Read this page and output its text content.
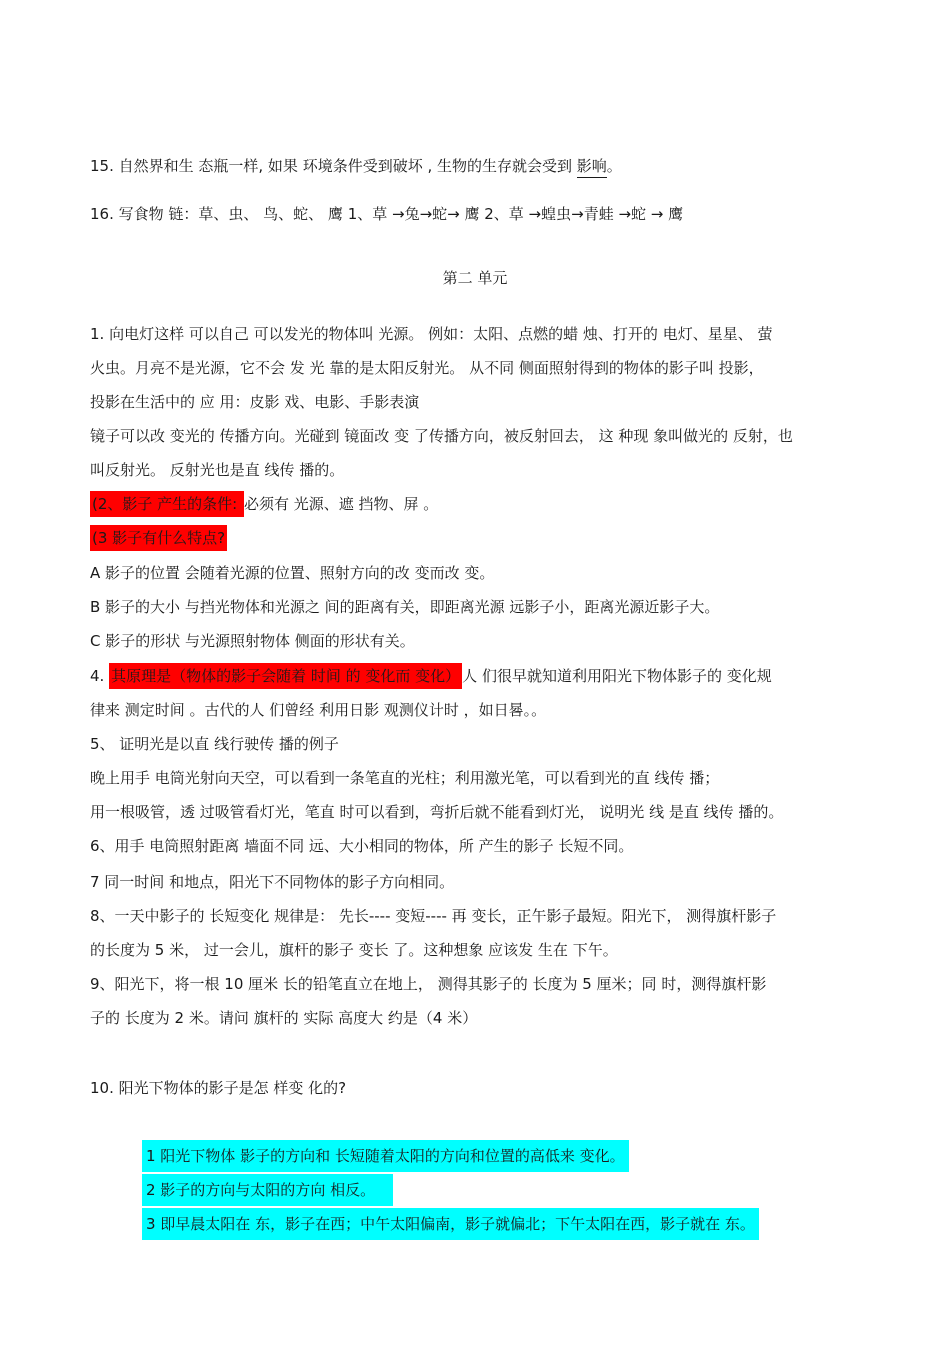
15. 自然界和生 态瓶一样, 如果 环境条件受到破坏 , 生物的生存就会受到 影响。
16. 写食物 链：草、虫、 鸟、蛇、 鹰 1、草 →兔→蛇→ 鹰 2、草 →蝗虫→青蛙 →蛇 → 鹰
第二 单元
1. 向电灯这样 可以自己 可以发光的物体叫 光源。 例如：太阳、点燃的蜡 烛、打开的 电灯、星星、 萤
火虫。月亮不是光源，它不会 发 光 靠的是太阳反射光。 从不同 侧面照射得到的物体的影子叫 投影，
投影在生活中的 应 用：皮影 戏、电影、手影表演
镜子可以改 变光的 传播方向。光碰到 镜面改 变 了传播方向，被反射回去， 这 种现 象叫做光的 反射，也
叫反射光。 反射光也是直 线传 播的。
(2、影子 产生的条件: 必须有 光源、遮 挡物、屏 。
(3 影子有什么特点?
A 影子的位置 会随着光源的位置、照射方向的改 变而改 变。
B 影子的大小 与挡光物体和光源之 间的距离有关，即距离光源 远影子小，距离光源近影子大。
C 影子的形状 与光源照射物体 侧面的形状有关。
4. 其原理是（物体的影子会随着 时间 的 变化而 变化） 人 们很早就知道利用阳光下物体影子的 变化规
律来 测定时间 。古代的人 们曾经 利用日影 观测仪计时 ，如日晷。。
5、 证明光是以直 线行驶传 播的例子
晚上用手 电筒光射向天空，可以看到一条笔直的光柱；利用激光笔，可以看到光的直 线传 播；
用一根吸管，透 过吸管看灯光，笔直 时可以看到，弯折后就不能看到灯光， 说明光 线 是直 线传 播的。
6、用手 电筒照射距离 墙面不同 远、大小相同的物体，所 产生的影子 长短不同。
7 同一时间 和地点，阳光下不同物体的影子方向相同。
8、一天中影子的 长短变化 规律是： 先长---- 变短---- 再 变长，正午影子最短。阳光下， 测得旗杆影子
的长度为 5 米， 过一会儿，旗杆的影子 变长 了。这种想象 应该发 生在 下午。
9、阳光下，将一根 10 厘米 长的铅笔直立在地上， 测得其影子的 长度为 5 厘米；同 时，测得旗杆影
子的 长度为 2 米。请问 旗杆的 实际 高度大 约是（4 米）
10. 阳光下物体的影子是怎 样变 化的?
1 阳光下物体 影子的方向和 长短随着太阳的方向和位置的高低来 变化。
2 影子的方向与太阳的方向 相反。
3 即早晨太阳在 东，影子在西；中午太阳偏南，影子就偏北；下午太阳在西，影子就在 东。
